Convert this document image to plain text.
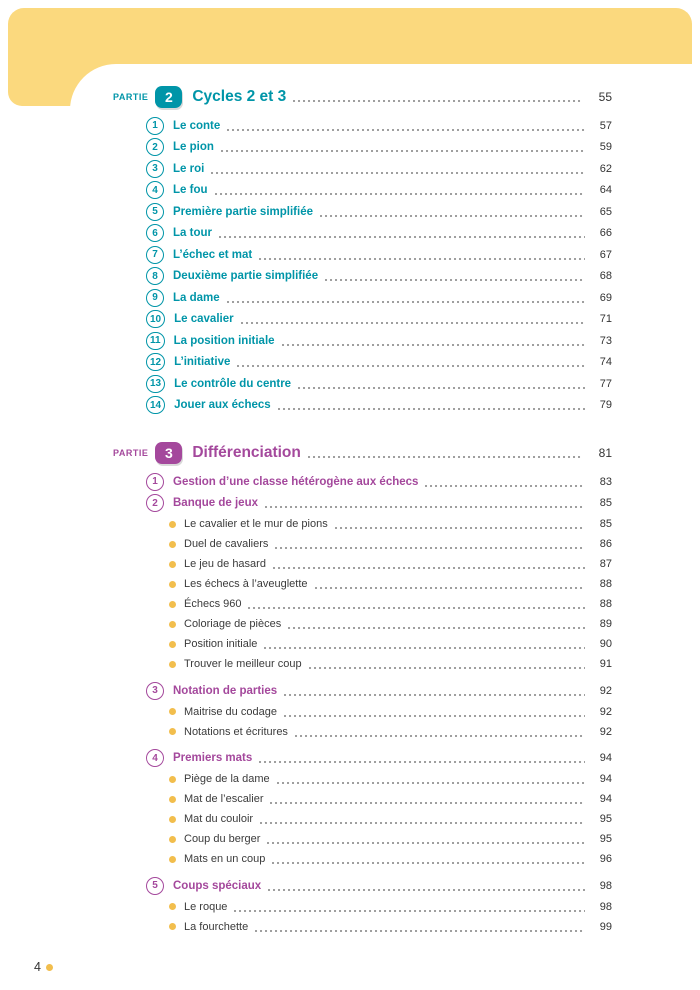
PARTIE	2	Cycles 2 et 3	55
1	Le conte	57
2	Le pion	59
3	Le roi	62
4	Le fou	64
5	Première partie simplifiée	65
6	La tour	66
7	L’échec et mat	67
8	Deuxième partie simplifiée	68
9	La dame	69
10	Le cavalier	71
11	La position initiale	73
12	L’initiative	74
13	Le contrôle du centre	77
14	Jouer aux échecs	79
PARTIE	3	Différenciation	81
1	Gestion d’une classe hétérogène aux échecs	83
2	Banque de jeux	85
Le cavalier et le mur de pions	85
Duel de cavaliers	86
Le jeu de hasard	87
Les échecs à l’aveuglette	88
Échecs 960	88
Coloriage de pièces	89
Position initiale	90
Trouver le meilleur coup	91
3	Notation de parties	92
Maitrise du codage	92
Notations et écritures	92
4	Premiers mats	94
Piège de la dame	94
Mat de l’escalier	94
Mat du couloir	95
Coup du berger	95
Mats en un coup	96
5	Coups spéciaux	98
Le roque	98
La fourchette	99
4
